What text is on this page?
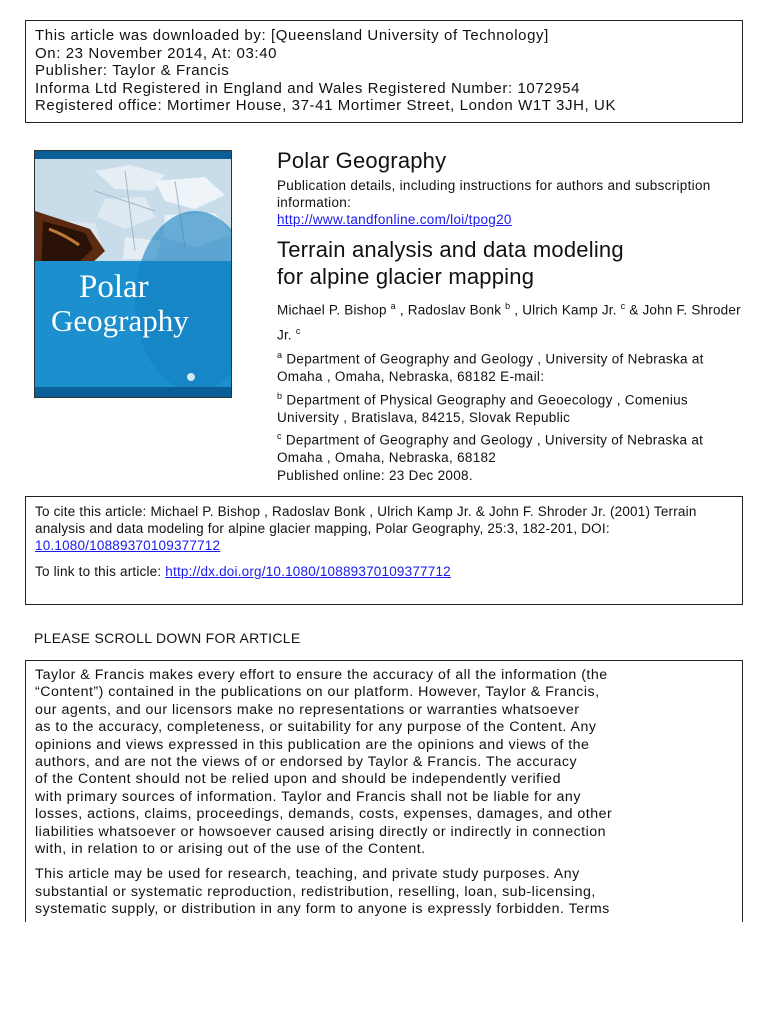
This article was downloaded by: [Queensland University of Technology]
On: 23 November 2014, At: 03:40
Publisher: Taylor & Francis
Informa Ltd Registered in England and Wales Registered Number: 1072954
Registered office: Mortimer House, 37-41 Mortimer Street, London W1T 3JH, UK
Polar
Geography
Polar Geography
Publication details, including instructions for authors and subscription information:
http://www.tandfonline.com/loi/tpog20
Terrain analysis and data modeling
for alpine glacier mapping
Michael P. Bishop $^a$ , Radoslav Bonk $^b$ , Ulrich Kamp Jr. $^c$ & John F. Shroder Jr. $^c$
$^a$ Department of Geography and Geology , University of Nebraska at Omaha , Omaha, Nebraska, 68182 E-mail:
$^b$ Department of Physical Geography and Geoecology , Comenius University , Bratislava, 84215, Slovak Republic
$^c$ Department of Geography and Geology , University of Nebraska at Omaha , Omaha, Nebraska, 68182
Published online: 23 Dec 2008.
To cite this article: Michael P. Bishop , Radoslav Bonk , Ulrich Kamp Jr. & John F. Shroder Jr. (2001) Terrain analysis and data modeling for alpine glacier mapping, Polar Geography, 25:3, 182-201, DOI: 10.1080/10889370109377712
To link to this article: http://dx.doi.org/10.1080/10889370109377712
PLEASE SCROLL DOWN FOR ARTICLE
Taylor & Francis makes every effort to ensure the accuracy of all the information (the
“Content”) contained in the publications on our platform. However, Taylor & Francis,
our agents, and our licensors make no representations or warranties whatsoever
as to the accuracy, completeness, or suitability for any purpose of the Content. Any
opinions and views expressed in this publication are the opinions and views of the
authors, and are not the views of or endorsed by Taylor & Francis. The accuracy
of the Content should not be relied upon and should be independently verified
with primary sources of information. Taylor and Francis shall not be liable for any
losses, actions, claims, proceedings, demands, costs, expenses, damages, and other
liabilities whatsoever or howsoever caused arising directly or indirectly in connection
with, in relation to or arising out of the use of the Content.
This article may be used for research, teaching, and private study purposes. Any
substantial or systematic reproduction, redistribution, reselling, loan, sub-licensing,
systematic supply, or distribution in any form to anyone is expressly forbidden. Terms
